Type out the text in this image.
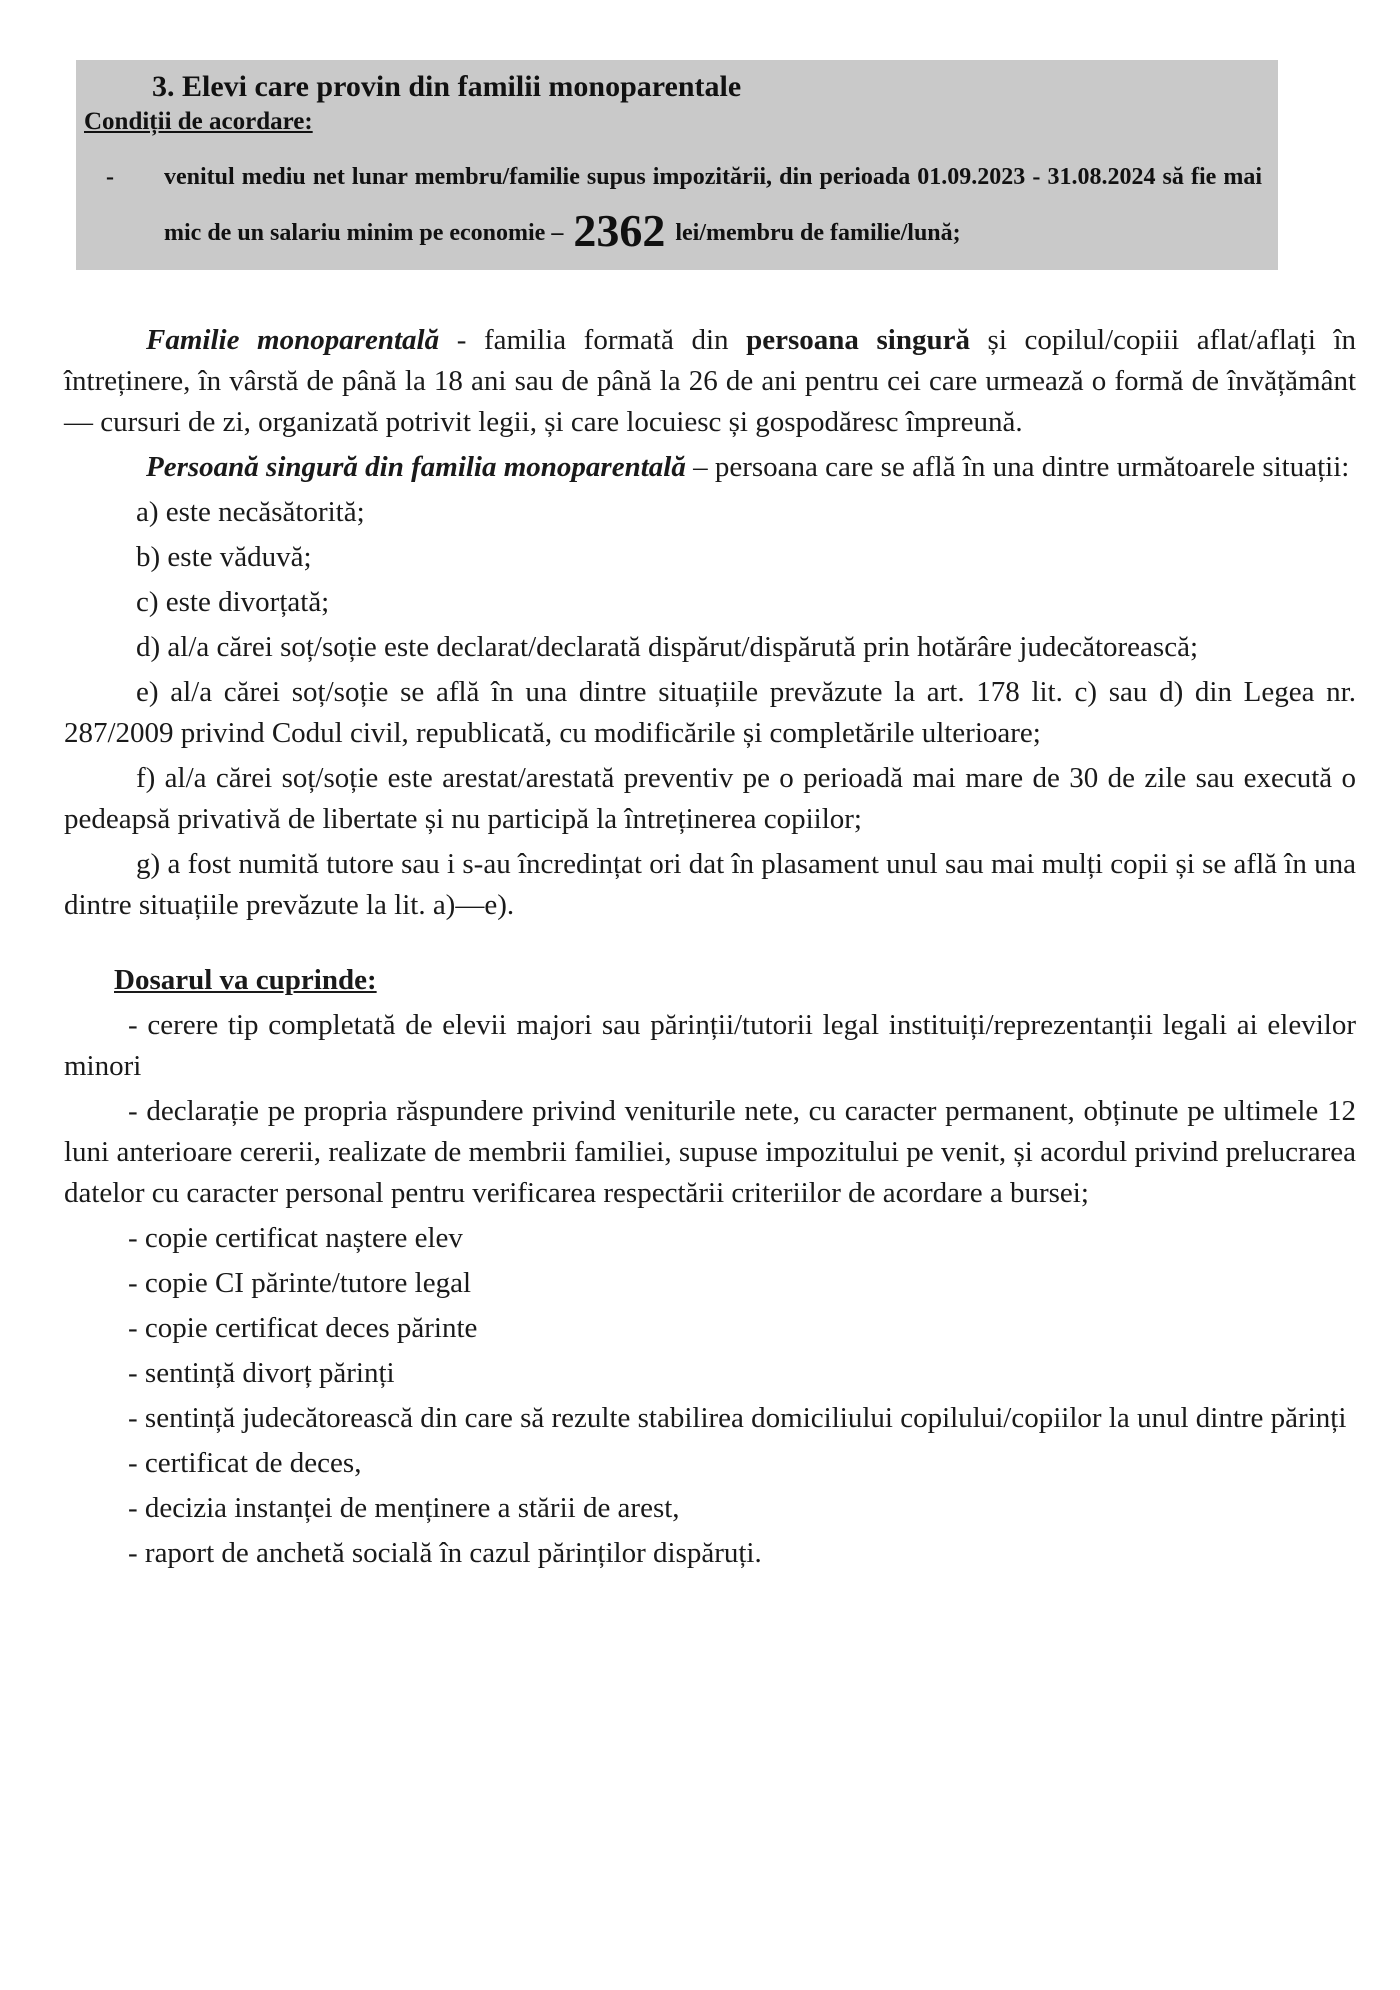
3. Elevi care provin din familii monoparentale
Condiții de acordare:
- venitul mediu net lunar membru/familie supus impozitării, din perioada 01.09.2023 - 31.08.2024 să fie mai mic de un salariu minim pe economie – 2362 lei/membru de familie/lună;

Familie monoparentală - familia formată din persoana singură și copilul/copiii aflat/aflați în întreținere, în vârstă de până la 18 ani sau de până la 26 de ani pentru cei care urmează o formă de învățământ — cursuri de zi, organizată potrivit legii, și care locuiesc și gospodăresc împreună.

Persoană singură din familia monoparentală – persoana care se află în una dintre următoarele situații:

a) este necăsătorită;

b) este văduvă;

c) este divorțată;

d) al/a cărei soț/soție este declarat/declarată dispărut/dispărută prin hotărâre judecătorească;

e) al/a cărei soț/soție se află în una dintre situațiile prevăzute la art. 178 lit. c) sau d) din Legea nr. 287/2009 privind Codul civil, republicată, cu modificările și completările ulterioare;

f) al/a cărei soț/soție este arestat/arestată preventiv pe o perioadă mai mare de 30 de zile sau execută o pedeapsă privativă de libertate și nu participă la întreținerea copiilor;

g) a fost numită tutore sau i s-au încredințat ori dat în plasament unul sau mai mulți copii și se află în una dintre situațiile prevăzute la lit. a)—e).

Dosarul va cuprinde:

- cerere tip completată de elevii majori sau părinții/tutorii legal instituiți/reprezentanții legali ai elevilor minori

- declarație pe propria răspundere privind veniturile nete, cu caracter permanent, obținute pe ultimele 12 luni anterioare cererii, realizate de membrii familiei, supuse impozitului pe venit, și acordul privind prelucrarea datelor cu caracter personal pentru verificarea respectării criteriilor de acordare a bursei;

- copie certificat naștere elev

- copie CI părinte/tutore legal

- copie certificat deces părinte

- sentință divorț părinți

- sentință judecătorească din care să rezulte stabilirea domiciliului copilului/copiilor la unul dintre părinți

- certificat de deces,

- decizia instanței de menținere a stării de arest,

- raport de anchetă socială în cazul părinților dispăruți.
